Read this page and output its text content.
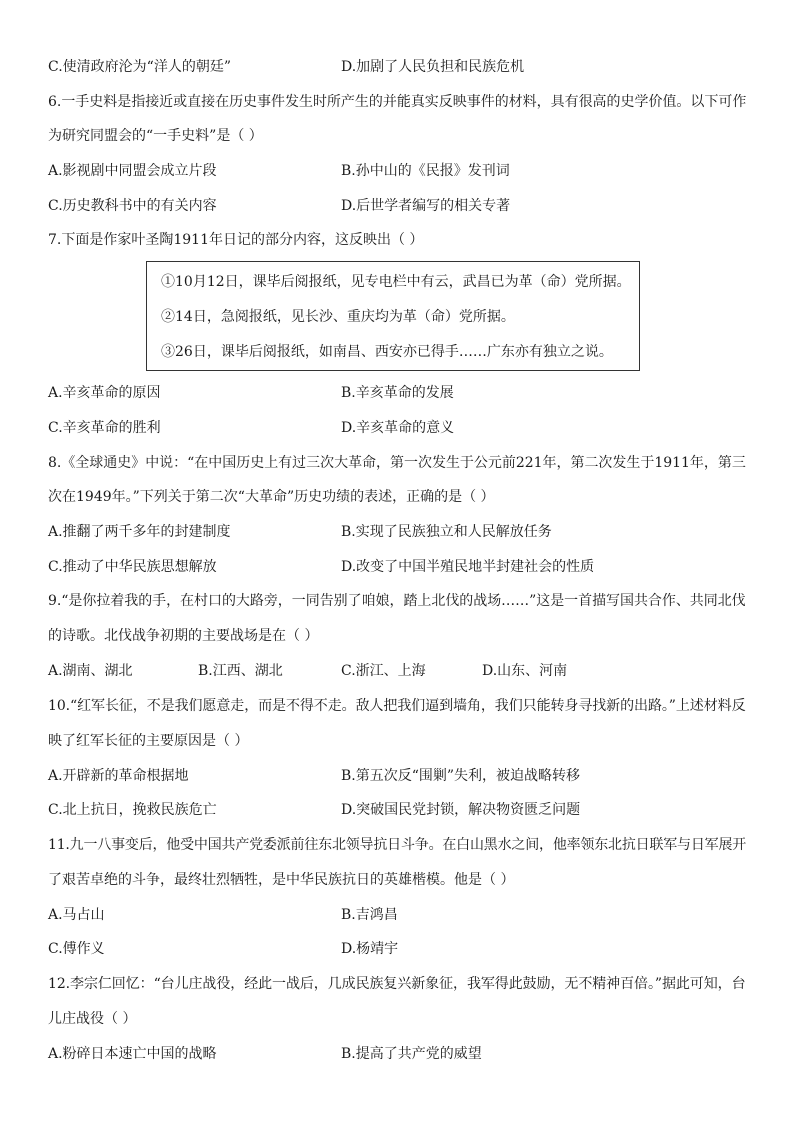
C.使清政府沦为“洋人的朝廷”	D.加剧了人民负担和民族危机
6.一手史料是指接近或直接在历史事件发生时所产生的并能真实反映事件的材料，具有很高的史学价值。以下可作
为研究同盟会的“一手史料”是（ ）
A.影视剧中同盟会成立片段	B.孙中山的《民报》发刊词
C.历史教科书中的有关内容	D.后世学者编写的相关专著
7.下面是作家叶圣陶1911年日记的部分内容，这反映出（ ）
①10月12日，课毕后阅报纸，见专电栏中有云，武昌已为革（命）党所据。
②14日，急阅报纸，见长沙、重庆均为革（命）党所据。
③26日，课毕后阅报纸，如南昌、西安亦已得手……广东亦有独立之说。
A.辛亥革命的原因	B.辛亥革命的发展
C.辛亥革命的胜利	D.辛亥革命的意义
8.《全球通史》中说：“在中国历史上有过三次大革命，第一次发生于公元前221年，第二次发生于1911年，第三
次在1949年。”下列关于第二次“大革命”历史功绩的表述，正确的是（ ）
A.推翻了两千多年的封建制度	B.实现了民族独立和人民解放任务
C.推动了中华民族思想解放	D.改变了中国半殖民地半封建社会的性质
9.“是你拉着我的手，在村口的大路旁，一同告别了咱娘，踏上北伐的战场……”这是一首描写国共合作、共同北伐
的诗歌。北伐战争初期的主要战场是在（ ）
A.湖南、湖北	B.江西、湖北	C.浙江、上海	D.山东、河南
10.“红军长征，不是我们愿意走，而是不得不走。敌人把我们逼到墙角，我们只能转身寻找新的出路。”上述材料反
映了红军长征的主要原因是（ ）
A.开辟新的革命根据地	B.第五次反“围剿”失利，被迫战略转移
C.北上抗日，挽救民族危亡	D.突破国民党封锁，解决物资匮乏问题
11.九一八事变后，他受中国共产党委派前往东北领导抗日斗争。在白山黑水之间，他率领东北抗日联军与日军展开
了艰苦卓绝的斗争，最终壮烈牺牲，是中华民族抗日的英雄楷模。他是（ ）
A.马占山	B.吉鸿昌
C.傅作义	D.杨靖宇
12.李宗仁回忆：“台儿庄战役，经此一战后，几成民族复兴新象征，我军得此鼓励，无不精神百倍。”据此可知，台
儿庄战役（ ）
A.粉碎日本速亡中国的战略	B.提高了共产党的威望
